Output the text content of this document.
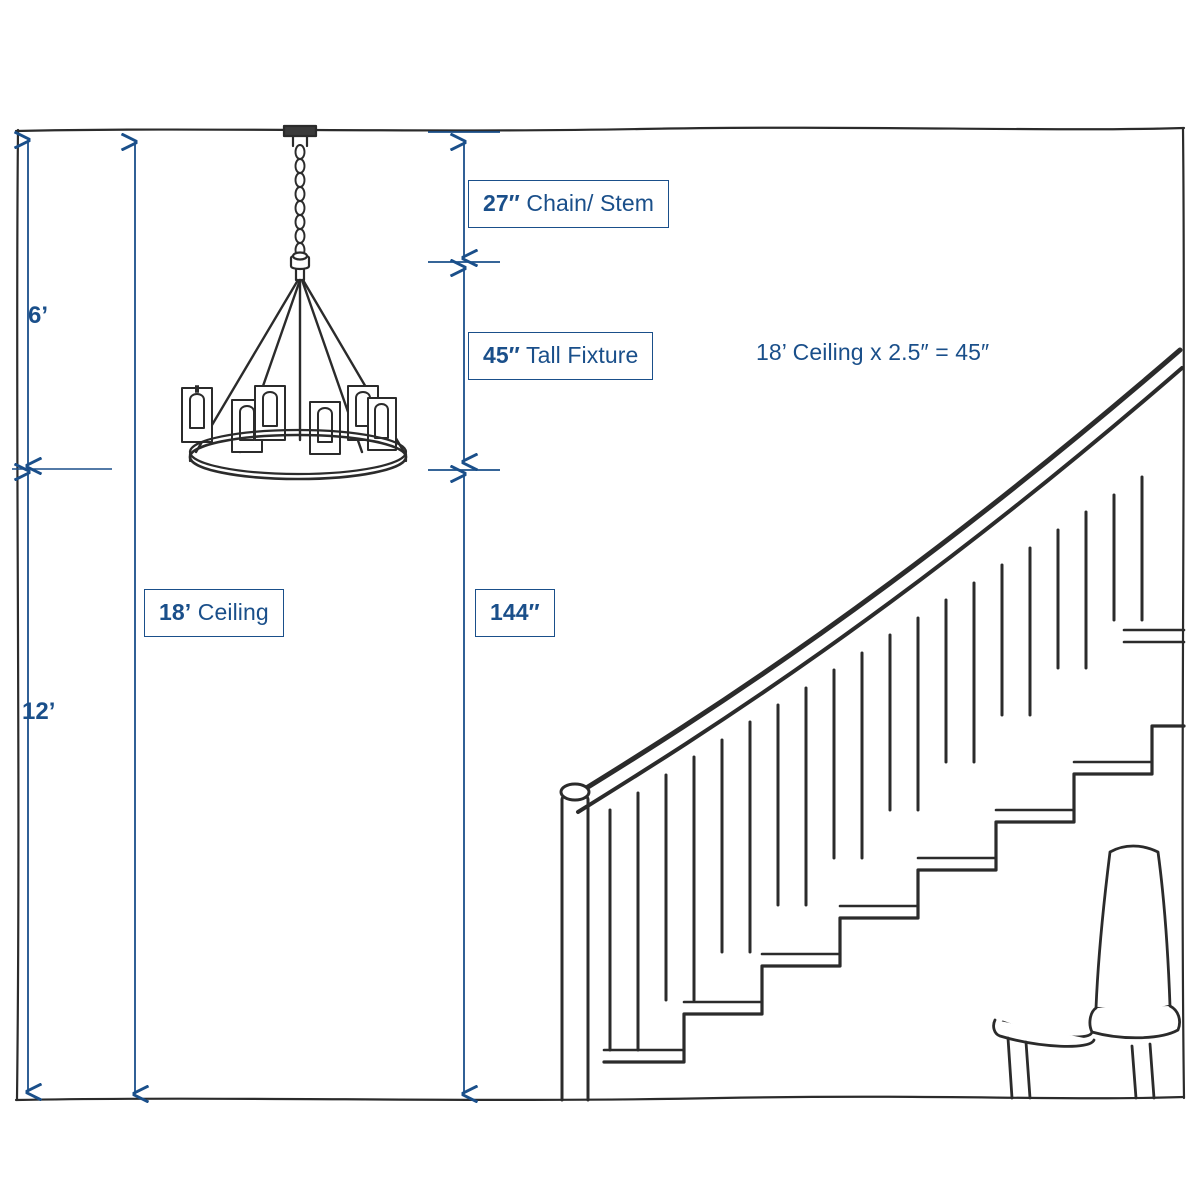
6’
12’
27″ Chain/ Stem
45″ Tall Fixture	18’ Ceiling x 2.5″ = 45″
18’ Ceiling	144″
